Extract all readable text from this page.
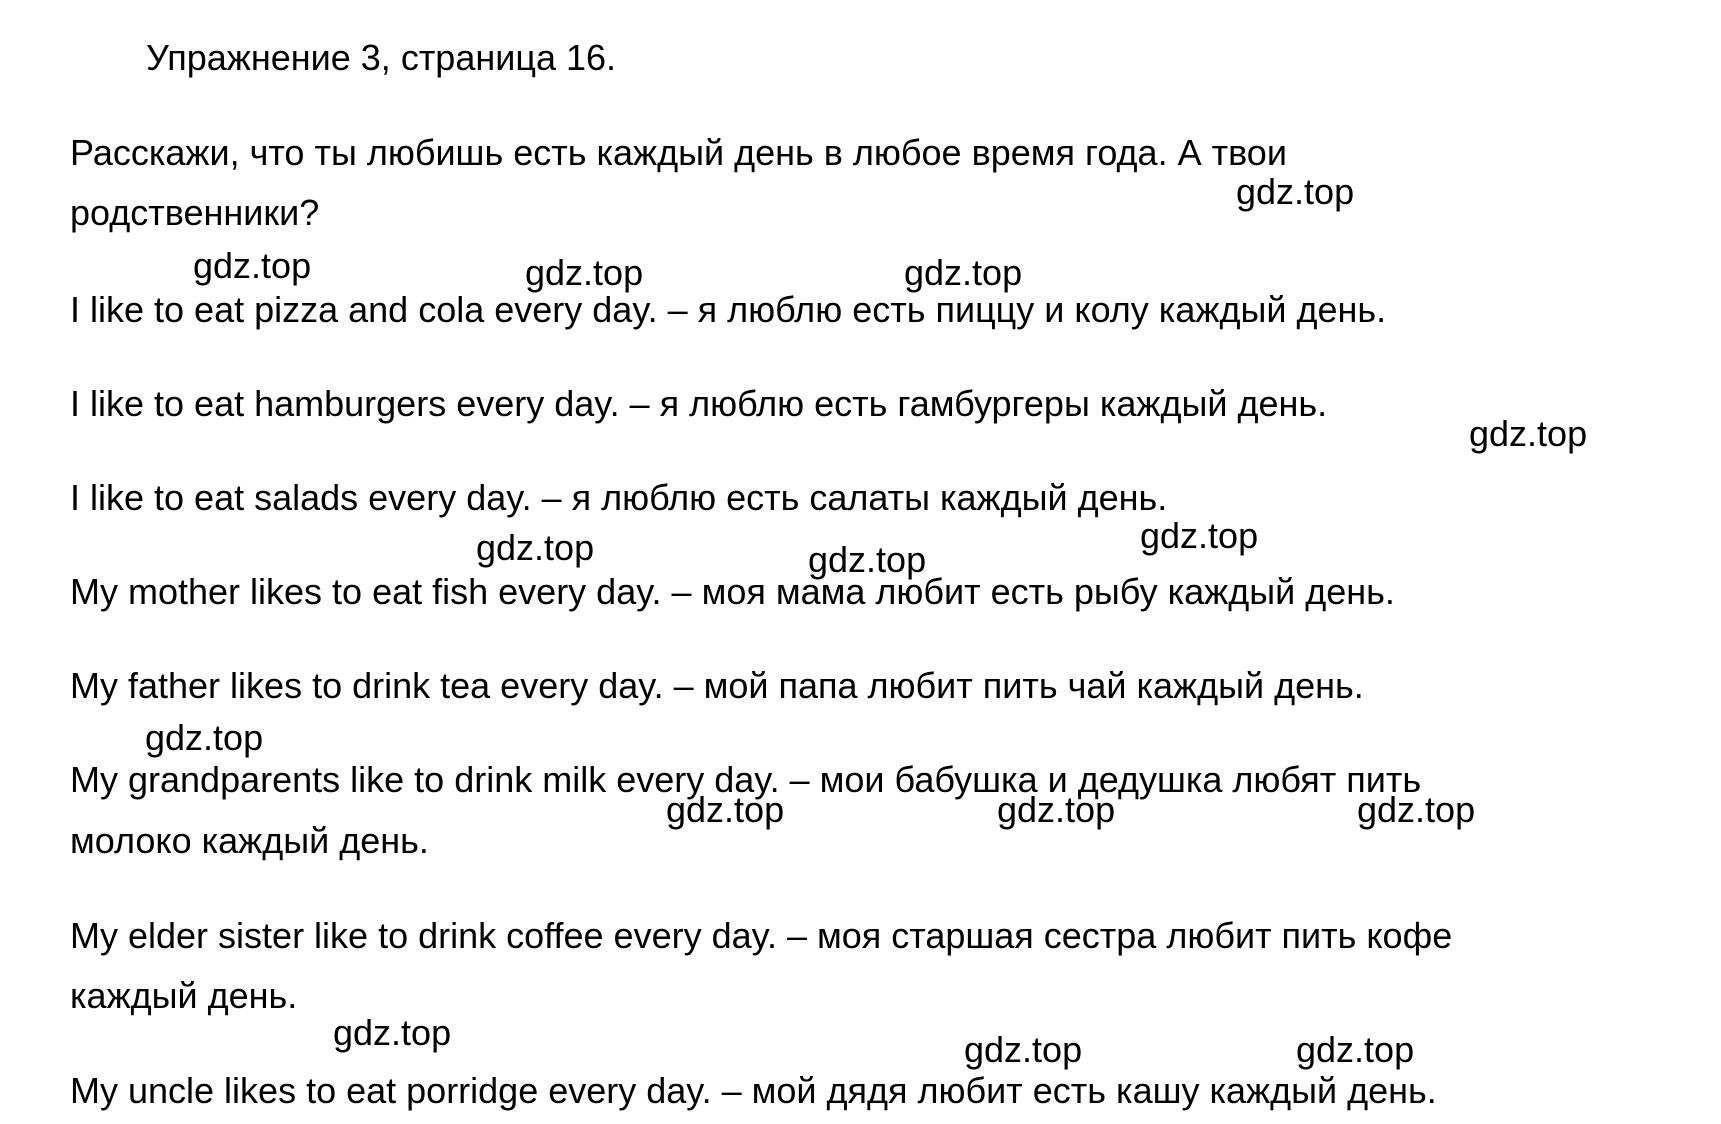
Упражнение 3, страница 16.
Расскажи, что ты любишь есть каждый день в любое время года. А твои
родственники?
I like to eat pizza and cola every day. – я люблю есть пиццу и колу каждый день.
I like to eat hamburgers every day. – я люблю есть гамбургеры каждый день.
I like to eat salads every day. – я люблю есть салаты каждый день.
My mother likes to eat fish every day. – моя мама любит есть рыбу каждый день.
My father likes to drink tea every day. – мой папа любит пить чай каждый день.
My grandparents like to drink milk every day. – мои бабушка и дедушка любят пить
молоко каждый день.
My elder sister like to drink coffee every day. – моя старшая сестра любит пить кофе
каждый день.
My uncle likes to eat porridge every day. – мой дядя любит есть кашу каждый день.
gdz.top
gdz.top	gdz.top	gdz.top
gdz.top
gdz.top
gdz.top	gdz.top
gdz.top
gdz.top	gdz.top	gdz.top
gdz.top	gdz.top	gdz.top
